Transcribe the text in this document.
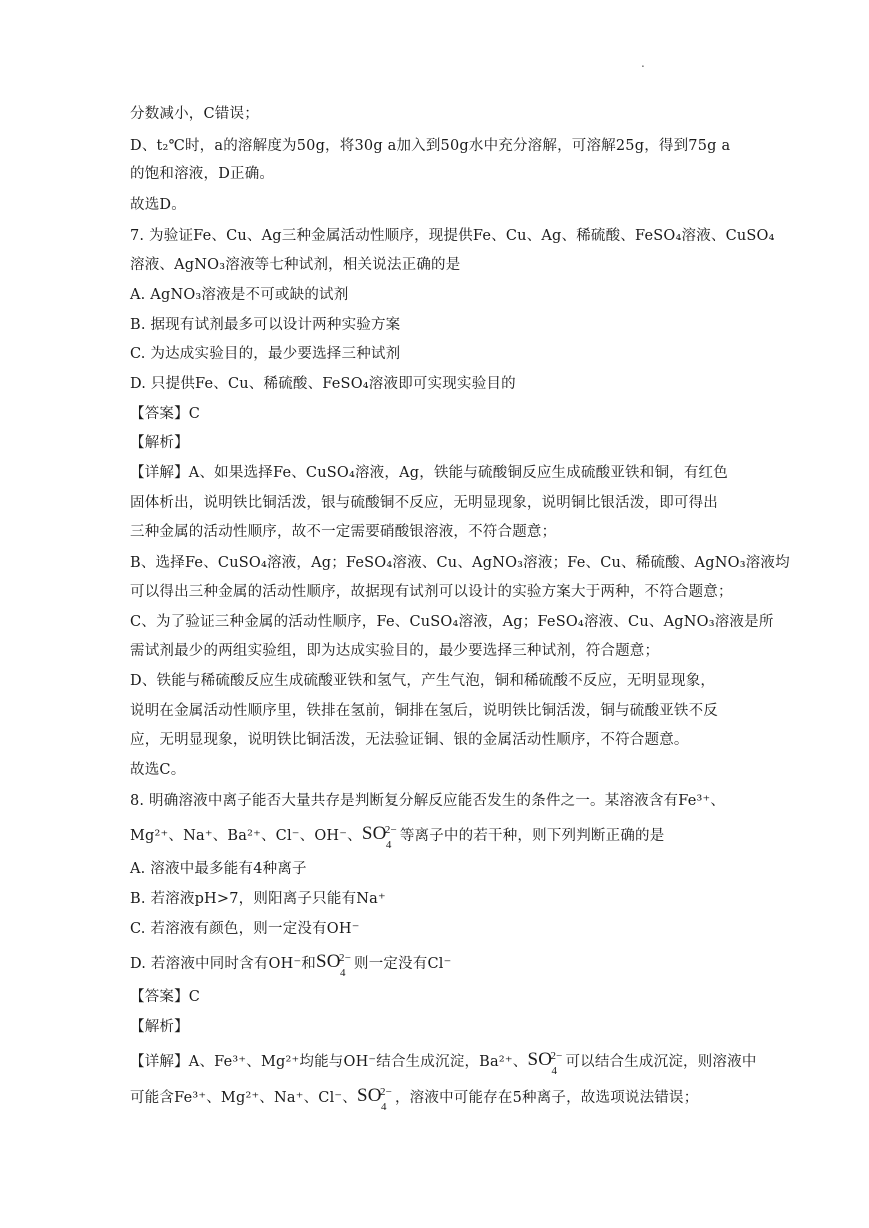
.
分数减小，C错误；
D、t₂℃时，a的溶解度为50g，将30g a加入到50g水中充分溶解，可溶解25g，得到75g a
的饱和溶液，D正确。
故选D。
7. 为验证Fe、Cu、Ag三种金属活动性顺序，现提供Fe、Cu、Ag、稀硫酸、FeSO₄溶液、CuSO₄
溶液、AgNO₃溶液等七种试剂，相关说法正确的是
A. AgNO₃溶液是不可或缺的试剂
B. 据现有试剂最多可以设计两种实验方案
C. 为达成实验目的，最少要选择三种试剂
D. 只提供Fe、Cu、稀硫酸、FeSO₄溶液即可实现实验目的
【答案】C
【解析】
【详解】A、如果选择Fe、CuSO₄溶液，Ag，铁能与硫酸铜反应生成硫酸亚铁和铜，有红色
固体析出，说明铁比铜活泼，银与硫酸铜不反应，无明显现象，说明铜比银活泼，即可得出
三种金属的活动性顺序，故不一定需要硝酸银溶液，不符合题意；
B、选择Fe、CuSO₄溶液，Ag；FeSO₄溶液、Cu、AgNO₃溶液；Fe、Cu、稀硫酸、AgNO₃溶液均
可以得出三种金属的活动性顺序，故据现有试剂可以设计的实验方案大于两种，不符合题意；
C、为了验证三种金属的活动性顺序，Fe、CuSO₄溶液，Ag；FeSO₄溶液、Cu、AgNO₃溶液是所
需试剂最少的两组实验组，即为达成实验目的，最少要选择三种试剂，符合题意；
D、铁能与稀硫酸反应生成硫酸亚铁和氢气，产生气泡，铜和稀硫酸不反应，无明显现象，
说明在金属活动性顺序里，铁排在氢前，铜排在氢后，说明铁比铜活泼，铜与硫酸亚铁不反
应，无明显现象，说明铁比铜活泼，无法验证铜、银的金属活动性顺序，不符合题意。
故选C。
8. 明确溶液中离子能否大量共存是判断复分解反应能否发生的条件之一。某溶液含有Fe³⁺、
Mg²⁺、Na⁺、Ba²⁺、Cl⁻、OH⁻、 SO
2−
4
等离子中的若干种，则下列判断正确的是
A. 溶液中最多能有4种离子
B. 若溶液pH>7，则阳离子只能有Na⁺
C. 若溶液有颜色，则一定没有OH⁻
D. 若溶液中同时含有OH⁻和 SO
2−
4
则一定没有Cl⁻
【答案】C
【解析】
【详解】A、Fe³⁺、Mg²⁺均能与OH⁻结合生成沉淀，Ba²⁺、 SO
2−
4
可以结合生成沉淀，则溶液中
可能含Fe³⁺、Mg²⁺、Na⁺、Cl⁻、 SO
2−
4
，溶液中可能存在5种离子，故选项说法错误；
